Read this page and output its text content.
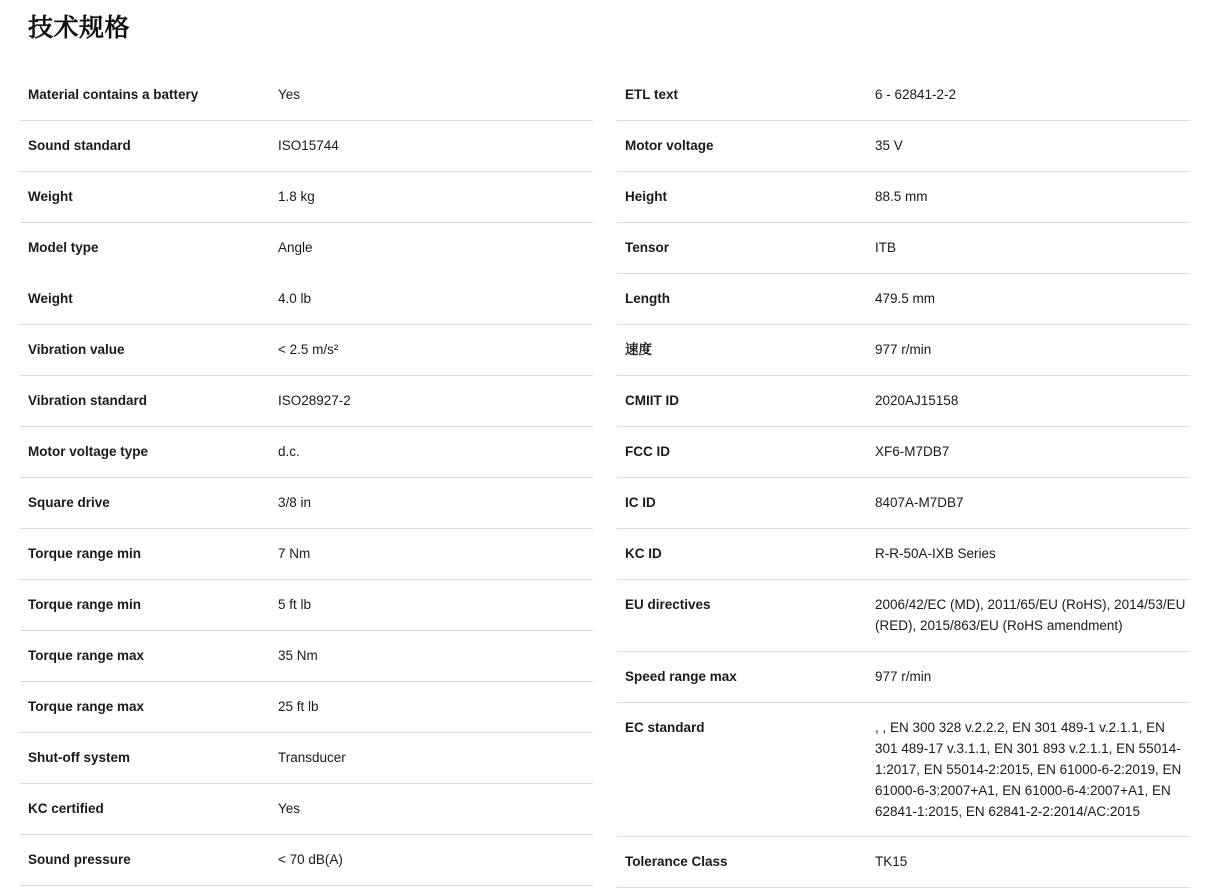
技术规格
Material contains a battery	Yes
Sound standard	ISO15744
Weight	1.8 kg
Model type	Angle
Weight	4.0 lb
Vibration value	< 2.5 m/s²
Vibration standard	ISO28927-2
Motor voltage type	d.c.
Square drive	3/8 in
Torque range min	7 Nm
Torque range min	5 ft lb
Torque range max	35 Nm
Torque range max	25 ft lb
Shut-off system	Transducer
KC certified	Yes
Sound pressure	< 70 dB(A)
ETL text	6 - 62841-2-2
Motor voltage	35 V
Height	88.5 mm
Tensor	ITB
Length	479.5 mm
速度	977 r/min
CMIIT ID	2020AJ15158
FCC ID	XF6-M7DB7
IC ID	8407A-M7DB7
KC ID	R-R-50A-IXB Series
EU directives	2006/42/EC (MD), 2011/65/EU (RoHS), 2014/53/EU (RED), 2015/863/EU (RoHS amendment)
Speed range max	977 r/min
EC standard	, , EN 300 328 v.2.2.2, EN 301 489-1 v.2.1.1, EN 301 489-17 v.3.1.1, EN 301 893 v.2.1.1, EN 55014-1:2017, EN 55014-2:2015, EN 61000-6-2:2019, EN 61000-6-3:2007+A1, EN 61000-6-4:2007+A1, EN 62841-1:2015, EN 62841-2-2:2014/AC:2015
Tolerance Class	TK15
